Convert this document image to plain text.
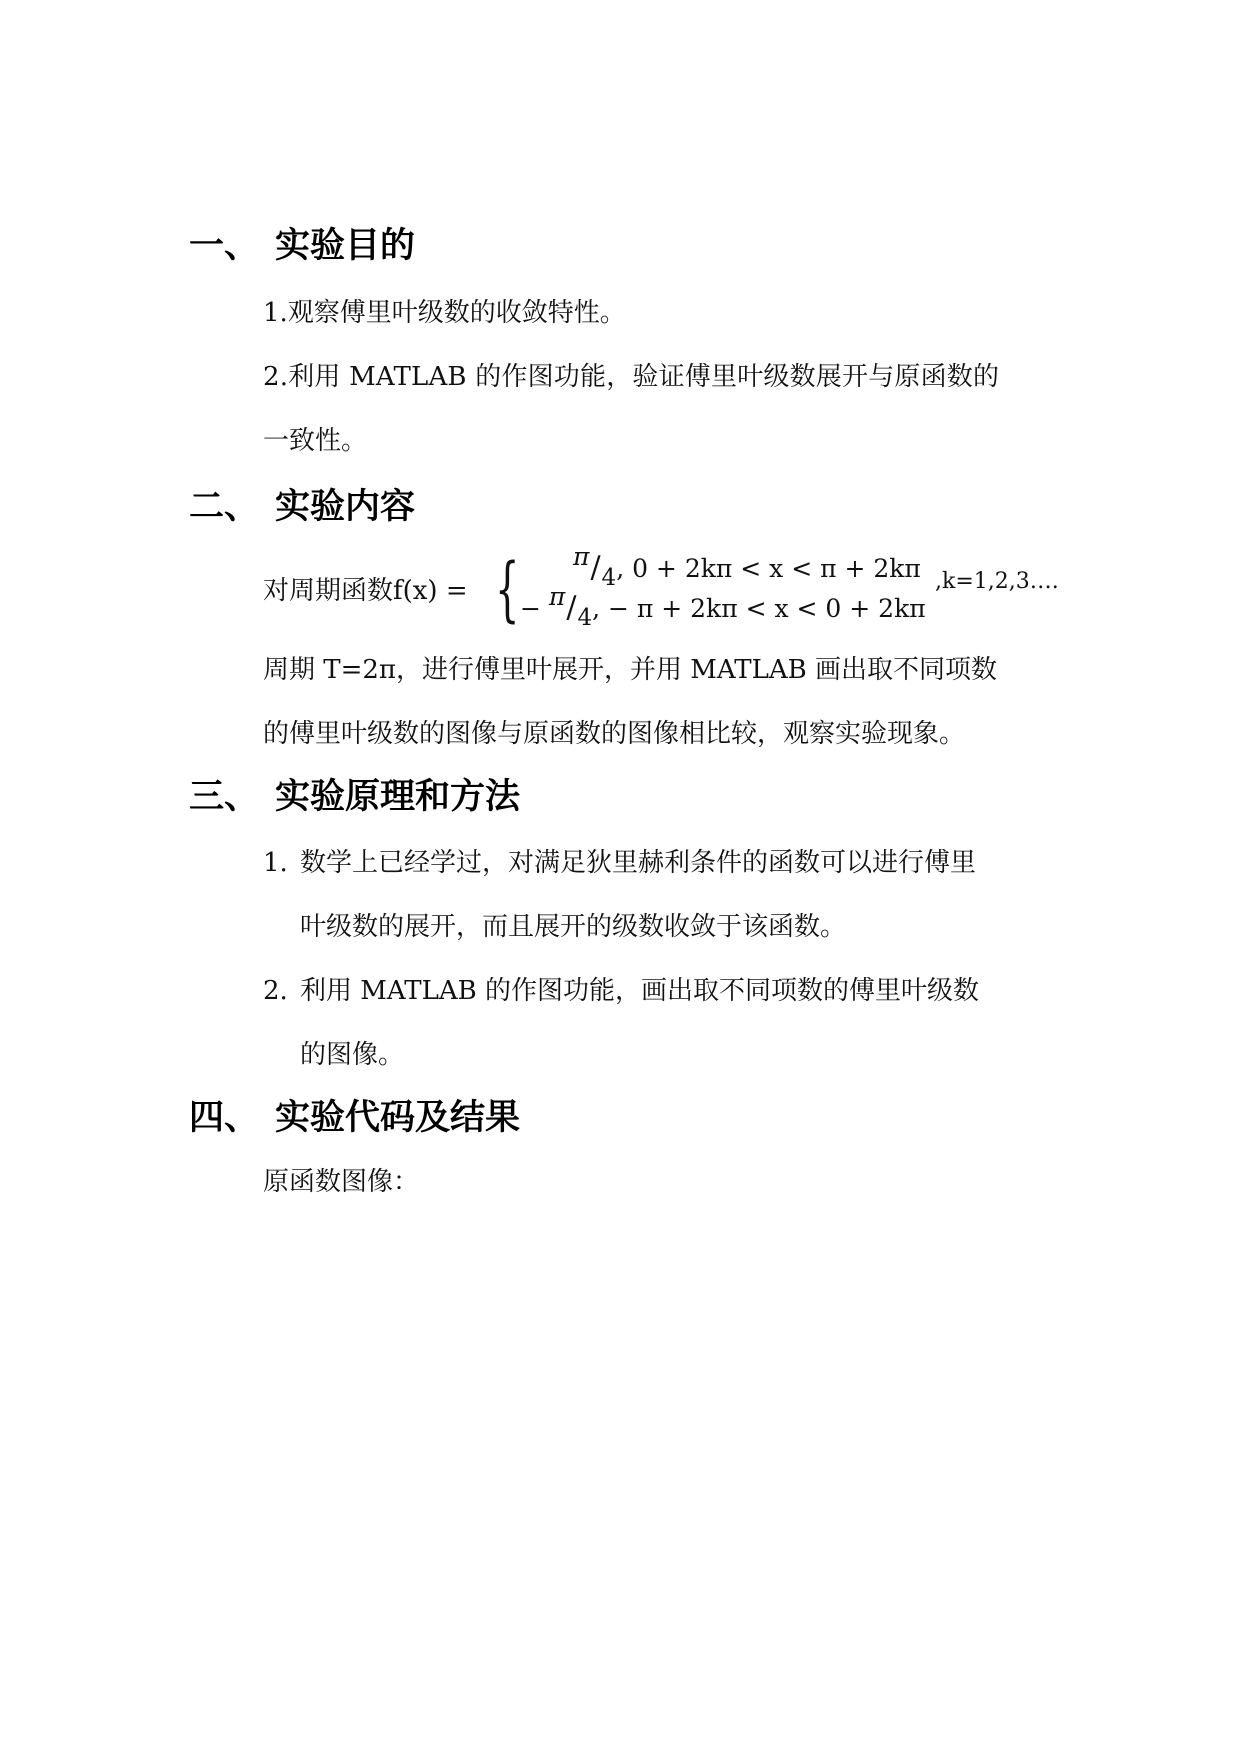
一、 实验目的

1.观察傅里叶级数的收敛特性。

2.利用 MATLAB 的作图功能，验证傅里叶级数展开与原函数的

一致性。

二、 实验内容
对周期函数f(x) = { π/4, 0 + 2kπ < x < π + 2kπ
− π/4, − π + 2kπ < x < 0 + 2kπ
,k=1,2,3….

周期 T=2π，进行傅里叶展开，并用 MATLAB 画出取不同项数

的傅里叶级数的图像与原函数的图像相比较，观察实验现象。

三、 实验原理和方法
1. 数学上已经学过，对满足狄里赫利条件的函数可以进行傅里

叶级数的展开，而且展开的级数收敛于该函数。

2. 利用 MATLAB 的作图功能，画出取不同项数的傅里叶级数

的图像。

四、 实验代码及结果

原函数图像：
